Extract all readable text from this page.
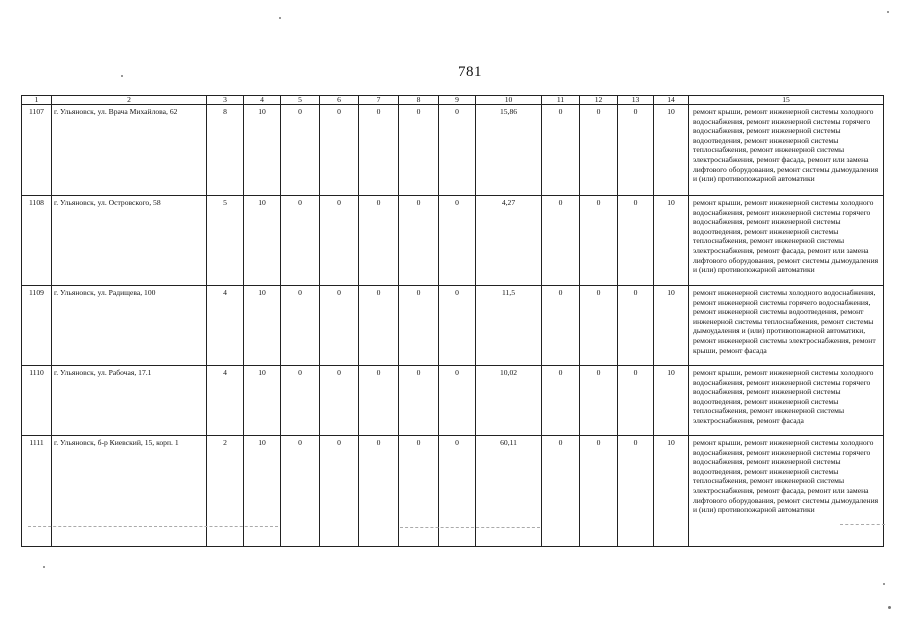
781
1	2	3	4	5	6	7	8	9	10	11	12	13	14	15
1107	г. Ульяновск, ул. Врача Михайлова, 62	8	10	0	0	0	0	0	15,86	0	0	0	10	ремонт крыши, ремонт инженерной системы холодного водоснабжения, ремонт инженерной системы горячего водоснабжения, ремонт инженерной системы водоотведения, ремонт инженерной системы теплоснабжения, ремонт инженерной системы электроснабжения, ремонт фасада, ремонт или замена лифтового оборудования, ремонт системы дымоудаления и (или) противопожарной автоматики
1108	г. Ульяновск, ул. Островского, 58	5	10	0	0	0	0	0	4,27	0	0	0	10	ремонт крыши, ремонт инженерной системы холодного водоснабжения, ремонт инженерной системы горячего водоснабжения, ремонт инженерной системы водоотведения, ремонт инженерной системы теплоснабжения, ремонт инженерной системы электроснабжения, ремонт фасада, ремонт или замена лифтового оборудования, ремонт системы дымоудаления и (или) противопожарной автоматики
1109	г. Ульяновск, ул. Радищева, 100	4	10	0	0	0	0	0	11,5	0	0	0	10	ремонт инженерной системы холодного водоснабжения, ремонт инженерной системы горячего водоснабжения, ремонт инженерной системы водоотведения, ремонт инженерной системы теплоснабжения, ремонт системы дымоудаления и (или) противопожарной автоматики, ремонт инженерной системы электроснабжения, ремонт крыши, ремонт фасада
1110	г. Ульяновск, ул. Рабочая, 17.1	4	10	0	0	0	0	0	10,02	0	0	0	10	ремонт крыши, ремонт инженерной системы холодного водоснабжения, ремонт инженерной системы горячего водоснабжения, ремонт инженерной системы водоотведения, ремонт инженерной системы теплоснабжения, ремонт инженерной системы электроснабжения, ремонт фасада
1111	г. Ульяновск, б-р Киевский, 15, корп. 1	2	10	0	0	0	0	0	60,11	0	0	0	10	ремонт крыши, ремонт инженерной системы холодного водоснабжения, ремонт инженерной системы горячего водоснабжения, ремонт инженерной системы водоотведения, ремонт инженерной системы теплоснабжения, ремонт инженерной системы электроснабжения, ремонт фасада, ремонт или замена лифтового оборудования, ремонт системы дымоудаления и (или) противопожарной автоматики
